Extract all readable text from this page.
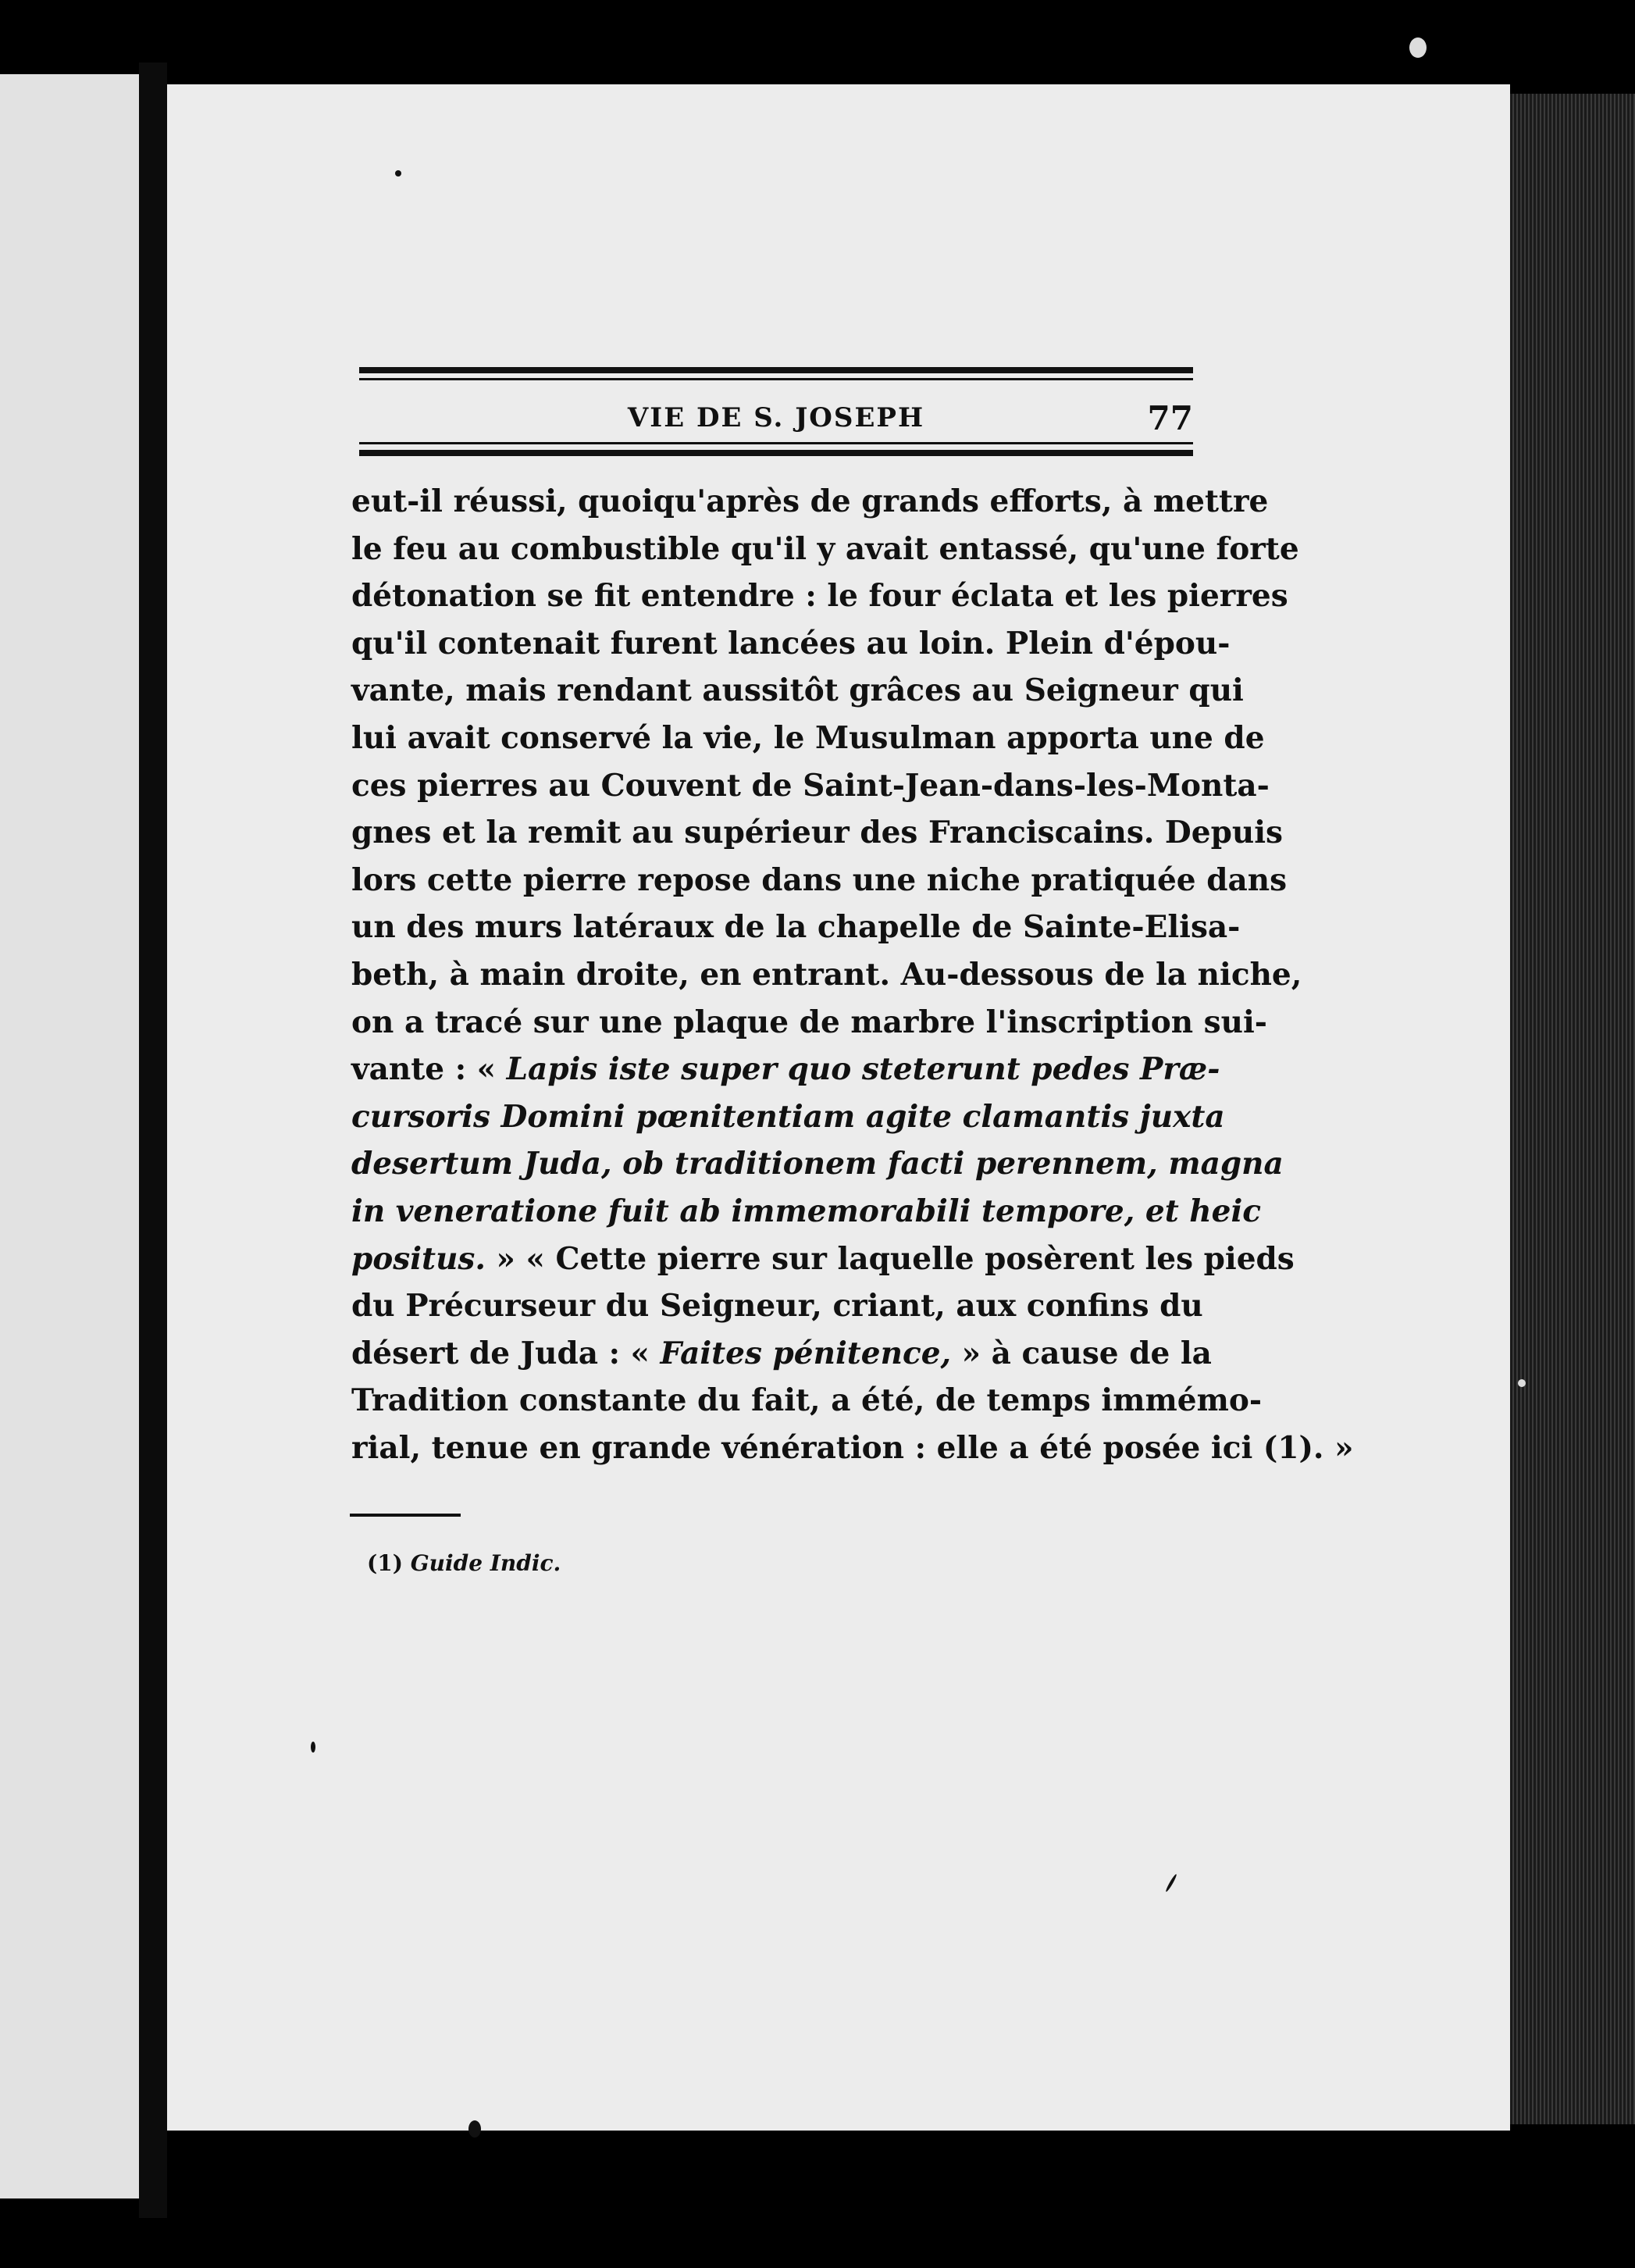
VIE DE S. JOSEPH	77
eut-il réussi, quoiqu'après de grands efforts, à mettre
le feu au combustible qu'il y avait entassé, qu'une forte
détonation se fit entendre : le four éclata et les pierres
qu'il contenait furent lancées au loin. Plein d'épou-
vante, mais rendant aussitôt grâces au Seigneur qui
lui avait conservé la vie, le Musulman apporta une de
ces pierres au Couvent de Saint-Jean-dans-les-Monta-
gnes et la remit au supérieur des Franciscains. Depuis
lors cette pierre repose dans une niche pratiquée dans
un des murs latéraux de la chapelle de Sainte-Elisa-
beth, à main droite, en entrant. Au-dessous de la niche,
on a tracé sur une plaque de marbre l'inscription sui-
vante : « Lapis iste super quo steterunt pedes Præ-
cursoris Domini pœnitentiam agite clamantis juxta
desertum Juda, ob traditionem facti perennem, magna
in veneratione fuit ab immemorabili tempore, et heic
positus. » « Cette pierre sur laquelle posèrent les pieds
du Précurseur du Seigneur, criant, aux confins du
désert de Juda : « Faites pénitence, » à cause de la
Tradition constante du fait, a été, de temps immémo-
rial, tenue en grande vénération : elle a été posée ici (1). »
(1) Guide Indic.
